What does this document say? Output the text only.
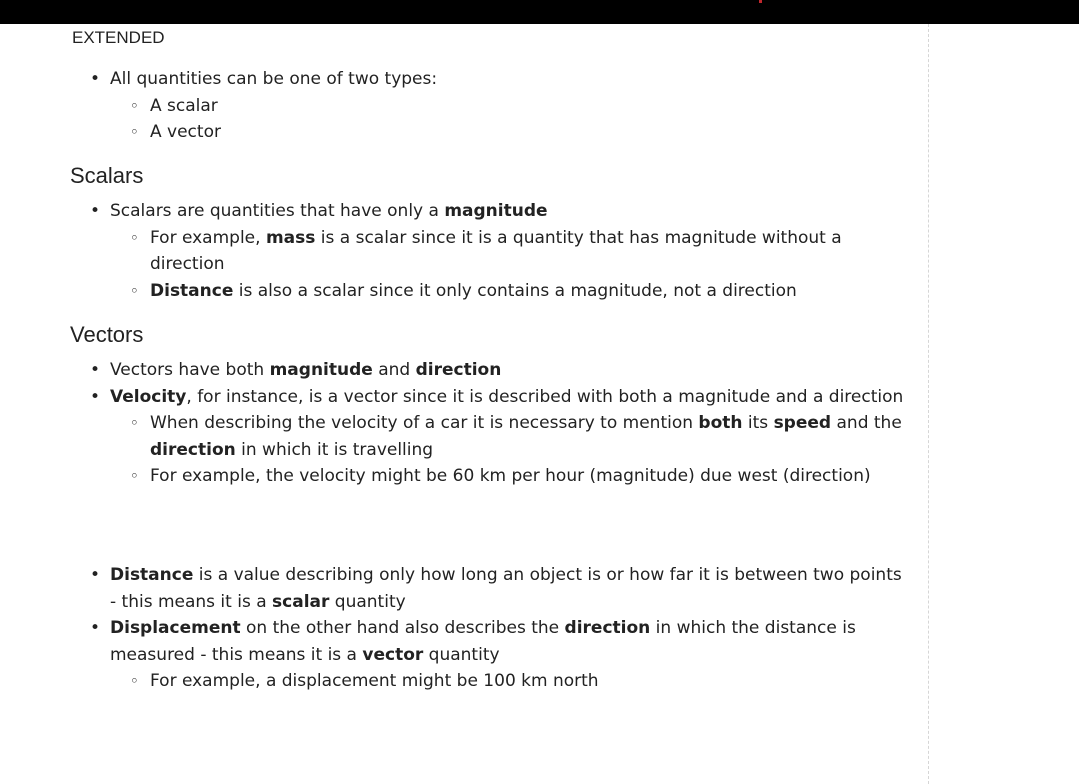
EXTENDED
• All quantities can be one of two types:
◦ A scalar
◦ A vector
Scalars
• Scalars are quantities that have only a magnitude
◦ For example, mass is a scalar since it is a quantity that has magnitude without a direction
◦ Distance is also a scalar since it only contains a magnitude, not a direction
Vectors
• Vectors have both magnitude and direction
• Velocity, for instance, is a vector since it is described with both a magnitude and a direction
◦ When describing the velocity of a car it is necessary to mention both its speed and the direction in which it is travelling
◦ For example, the velocity might be 60 km per hour (magnitude) due west (direction)
• Distance is a value describing only how long an object is or how far it is between two points - this means it is a scalar quantity
• Displacement on the other hand also describes the direction in which the distance is measured - this means it is a vector quantity
◦ For example, a displacement might be 100 km north
